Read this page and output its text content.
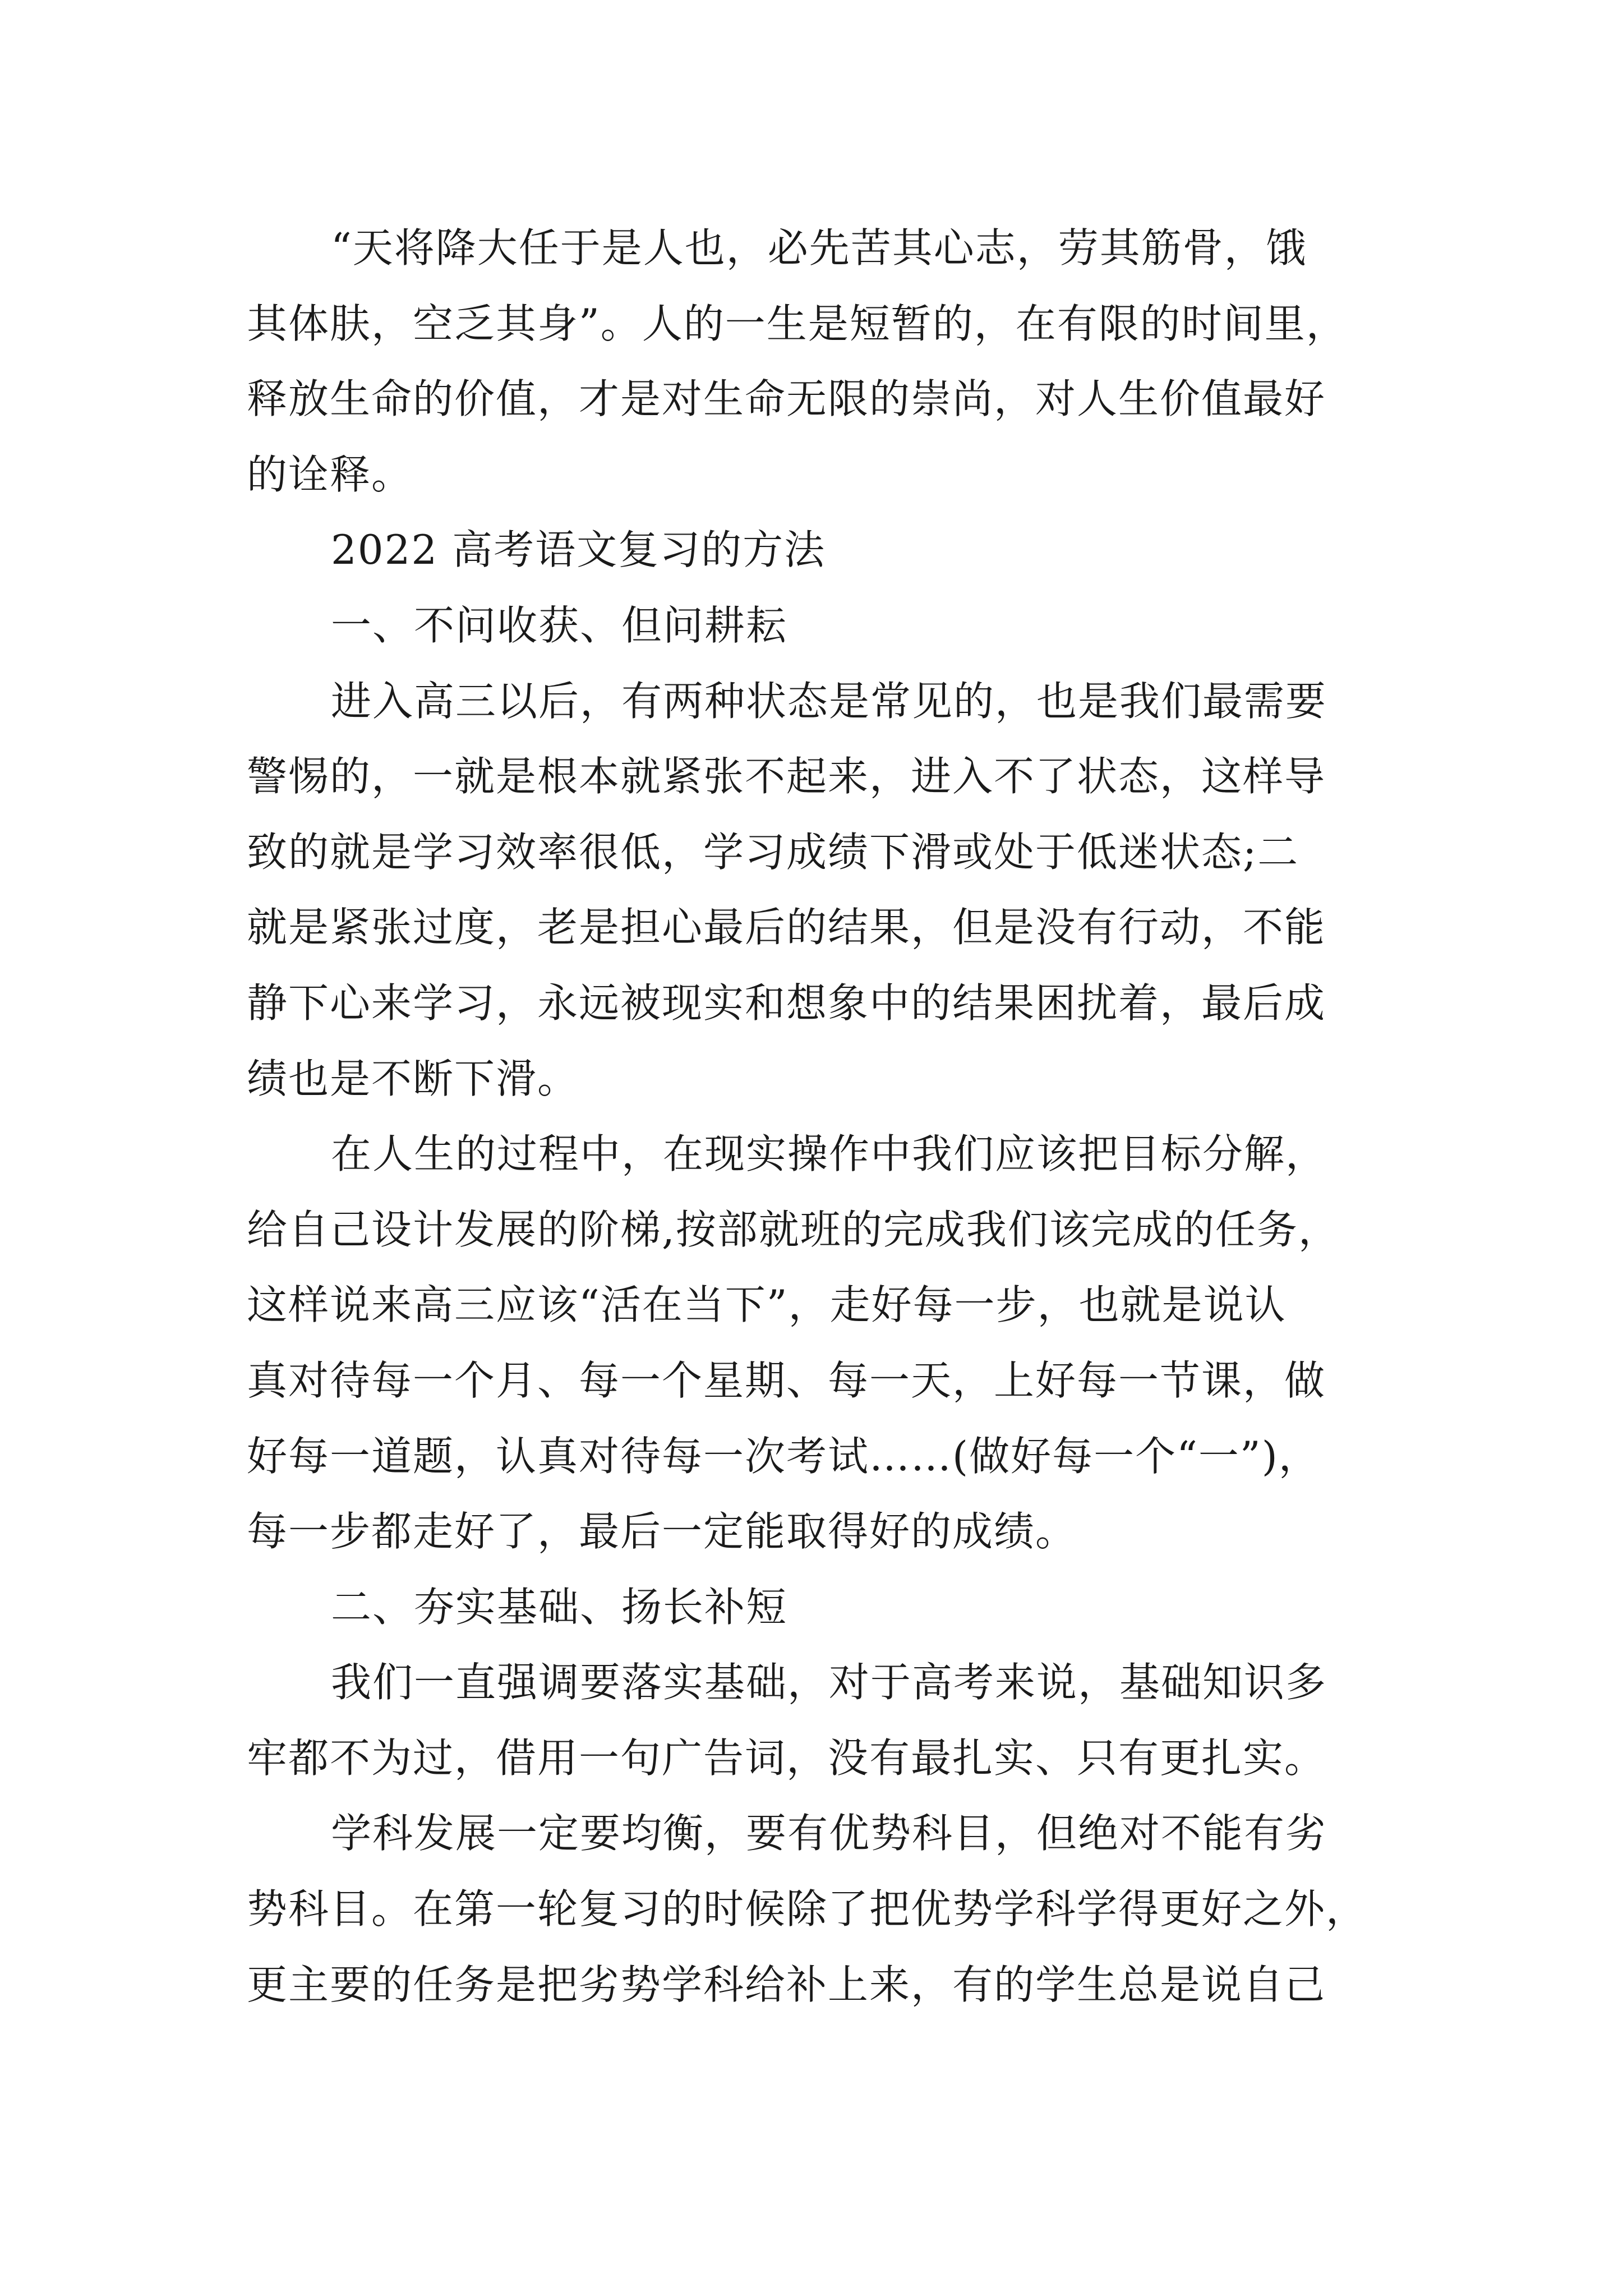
“天将降大任于是人也，必先苦其心志，劳其筋骨，饿
其体肤，空乏其身”。人的一生是短暂的，在有限的时间里，
释放生命的价值，才是对生命无限的崇尚，对人生价值最好
的诠释。
2022 高考语文复习的方法
一、不问收获、但问耕耘
进入高三以后，有两种状态是常见的，也是我们最需要
警惕的，一就是根本就紧张不起来，进入不了状态，这样导
致的就是学习效率很低，学习成绩下滑或处于低迷状态;二
就是紧张过度，老是担心最后的结果，但是没有行动，不能
静下心来学习，永远被现实和想象中的结果困扰着，最后成
绩也是不断下滑。
在人生的过程中，在现实操作中我们应该把目标分解，
给自己设计发展的阶梯,按部就班的完成我们该完成的任务，
这样说来高三应该“活在当下”，走好每一步，也就是说认
真对待每一个月、每一个星期、每一天，上好每一节课，做
好每一道题，认真对待每一次考试……(做好每一个“一”)，
每一步都走好了，最后一定能取得好的成绩。
二、夯实基础、扬长补短
我们一直强调要落实基础，对于高考来说，基础知识多
牢都不为过，借用一句广告词，没有最扎实、只有更扎实。
学科发展一定要均衡，要有优势科目，但绝对不能有劣
势科目。在第一轮复习的时候除了把优势学科学得更好之外，
更主要的任务是把劣势学科给补上来，有的学生总是说自己
